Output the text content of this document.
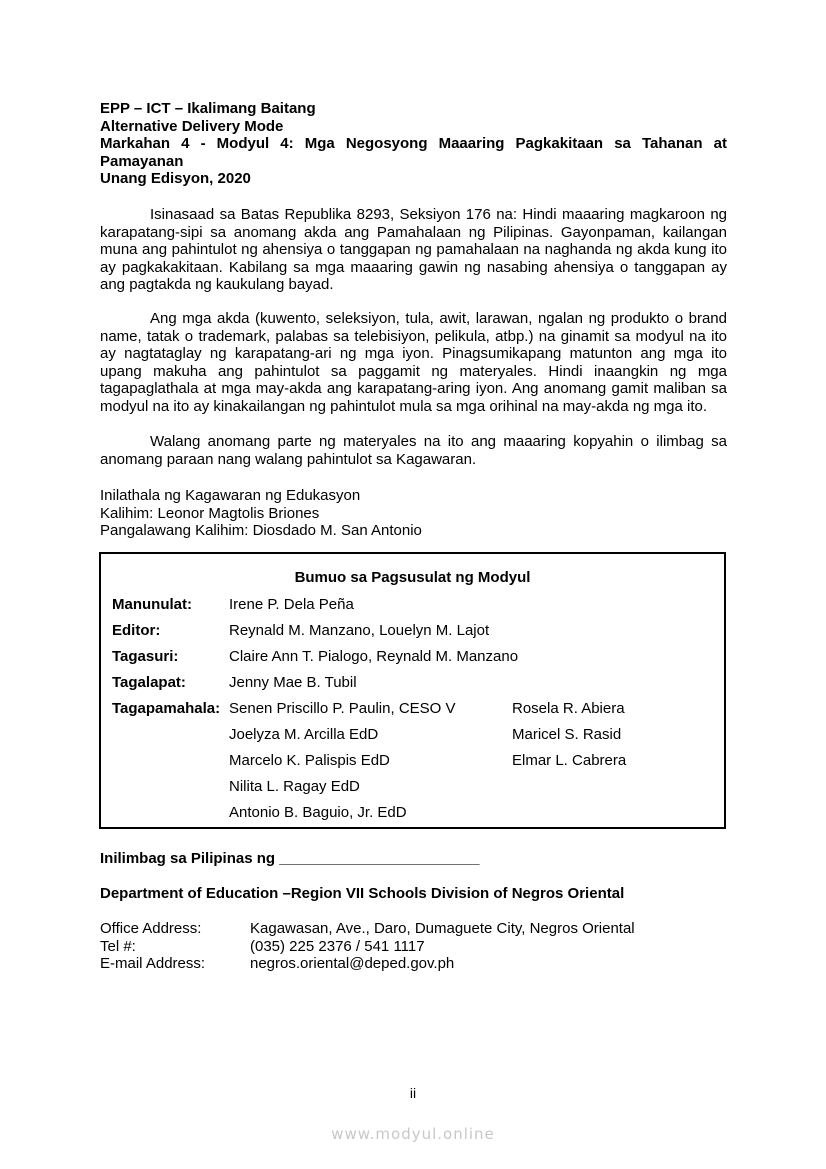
EPP – ICT – Ikalimang Baitang
Alternative Delivery Mode
Markahan 4 - Modyul 4: Mga Negosyong Maaaring Pagkakitaan sa Tahanan at
Pamayanan
Unang Edisyon, 2020

Isinasaad sa Batas Republika 8293, Seksiyon 176 na: Hindi maaaring magkaroon ng karapatang-sipi sa anomang akda ang Pamahalaan ng Pilipinas. Gayonpaman, kailangan muna ang pahintulot ng ahensiya o tanggapan ng pamahalaan na naghanda ng akda kung ito ay pagkakakitaan. Kabilang sa mga maaaring gawin ng nasabing ahensiya o tanggapan ay ang pagtakda ng kaukulang bayad.

Ang mga akda (kuwento, seleksiyon, tula, awit, larawan, ngalan ng produkto o brand name, tatak o trademark, palabas sa telebisiyon, pelikula, atbp.) na ginamit sa modyul na ito ay nagtataglay ng karapatang-ari ng mga iyon. Pinagsumikapang matunton ang mga ito upang makuha ang pahintulot sa paggamit ng materyales. Hindi inaangkin ng mga tagapaglathala at mga may-akda ang karapatang-aring iyon. Ang anomang gamit maliban sa modyul na ito ay kinakailangan ng pahintulot mula sa mga orihinal na may-akda ng mga ito.

Walang anomang parte ng materyales na ito ang maaaring kopyahin o ilimbag sa anomang paraan nang walang pahintulot sa Kagawaran.

Inilathala ng Kagawaran ng Edukasyon
Kalihim: Leonor Magtolis Briones
Pangalawang Kalihim: Diosdado M. San Antonio
Bumuo sa Pagsusulat ng Modyul
Manunulat: Irene P. Dela Peña
Editor:	Reynald M. Manzano, Louelyn M. Lajot
Tagasuri:	Claire Ann T. Pialogo, Reynald M. Manzano
Tagalapat:	Jenny Mae B. Tubil
Tagapamahala: Senen Priscillo P. Paulin, CESO V	Rosela R. Abiera
Joelyza M. Arcilla EdD	Maricel S. Rasid
Marcelo K. Palispis EdD	Elmar L. Cabrera
Nilita L. Ragay EdD
Antonio B. Baguio, Jr. EdD
Inilimbag sa Pilipinas ng ________________________
Department of Education –Region VII Schools Division of Negros Oriental
Office Address:	Kagawasan, Ave., Daro, Dumaguete City, Negros Oriental
Tel #:	(035) 225 2376 / 541 1117
E-mail Address:	negros.oriental@deped.gov.ph
ii
www.modyul.online
